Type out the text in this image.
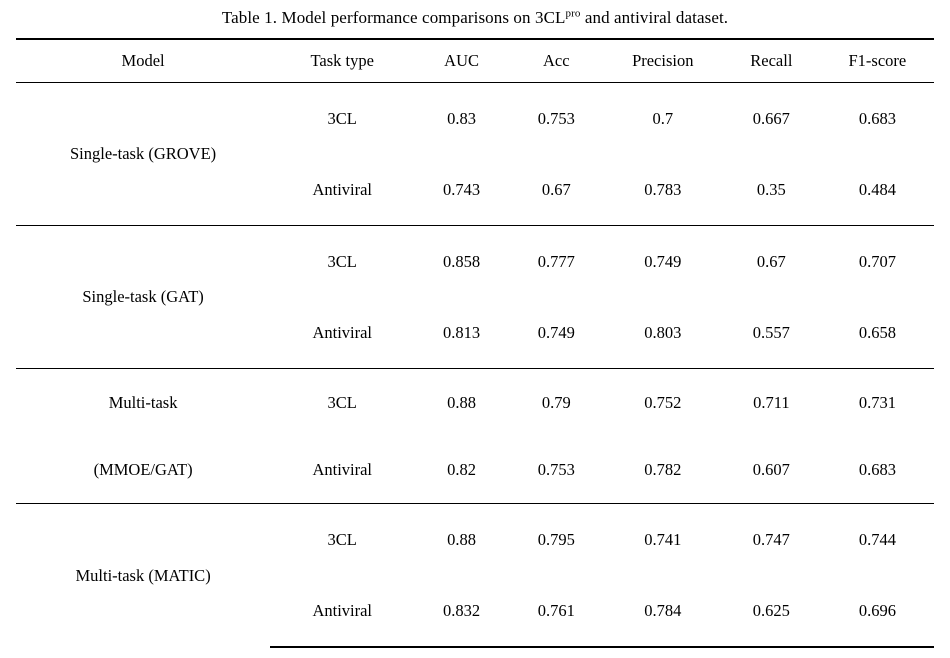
Table 1. Model performance comparisons on $3CL^{pro}$ and antiviral dataset.
Model	Task type	AUC	Acc	Precision	Recall	F1-score
Single-task (GROVE)	3CL	0.83	0.753	0.7	0.667	0.683
	Antiviral	0.743	0.67	0.783	0.35	0.484
Single-task (GAT)	3CL	0.858	0.777	0.749	0.67	0.707
	Antiviral	0.813	0.749	0.803	0.557	0.658
Multi-task	3CL	0.88	0.79	0.752	0.711	0.731
(MMOE/GAT)	Antiviral	0.82	0.753	0.782	0.607	0.683
Multi-task (MATIC)	3CL	0.88	0.795	0.741	0.747	0.744
	Antiviral	0.832	0.761	0.784	0.625	0.696
